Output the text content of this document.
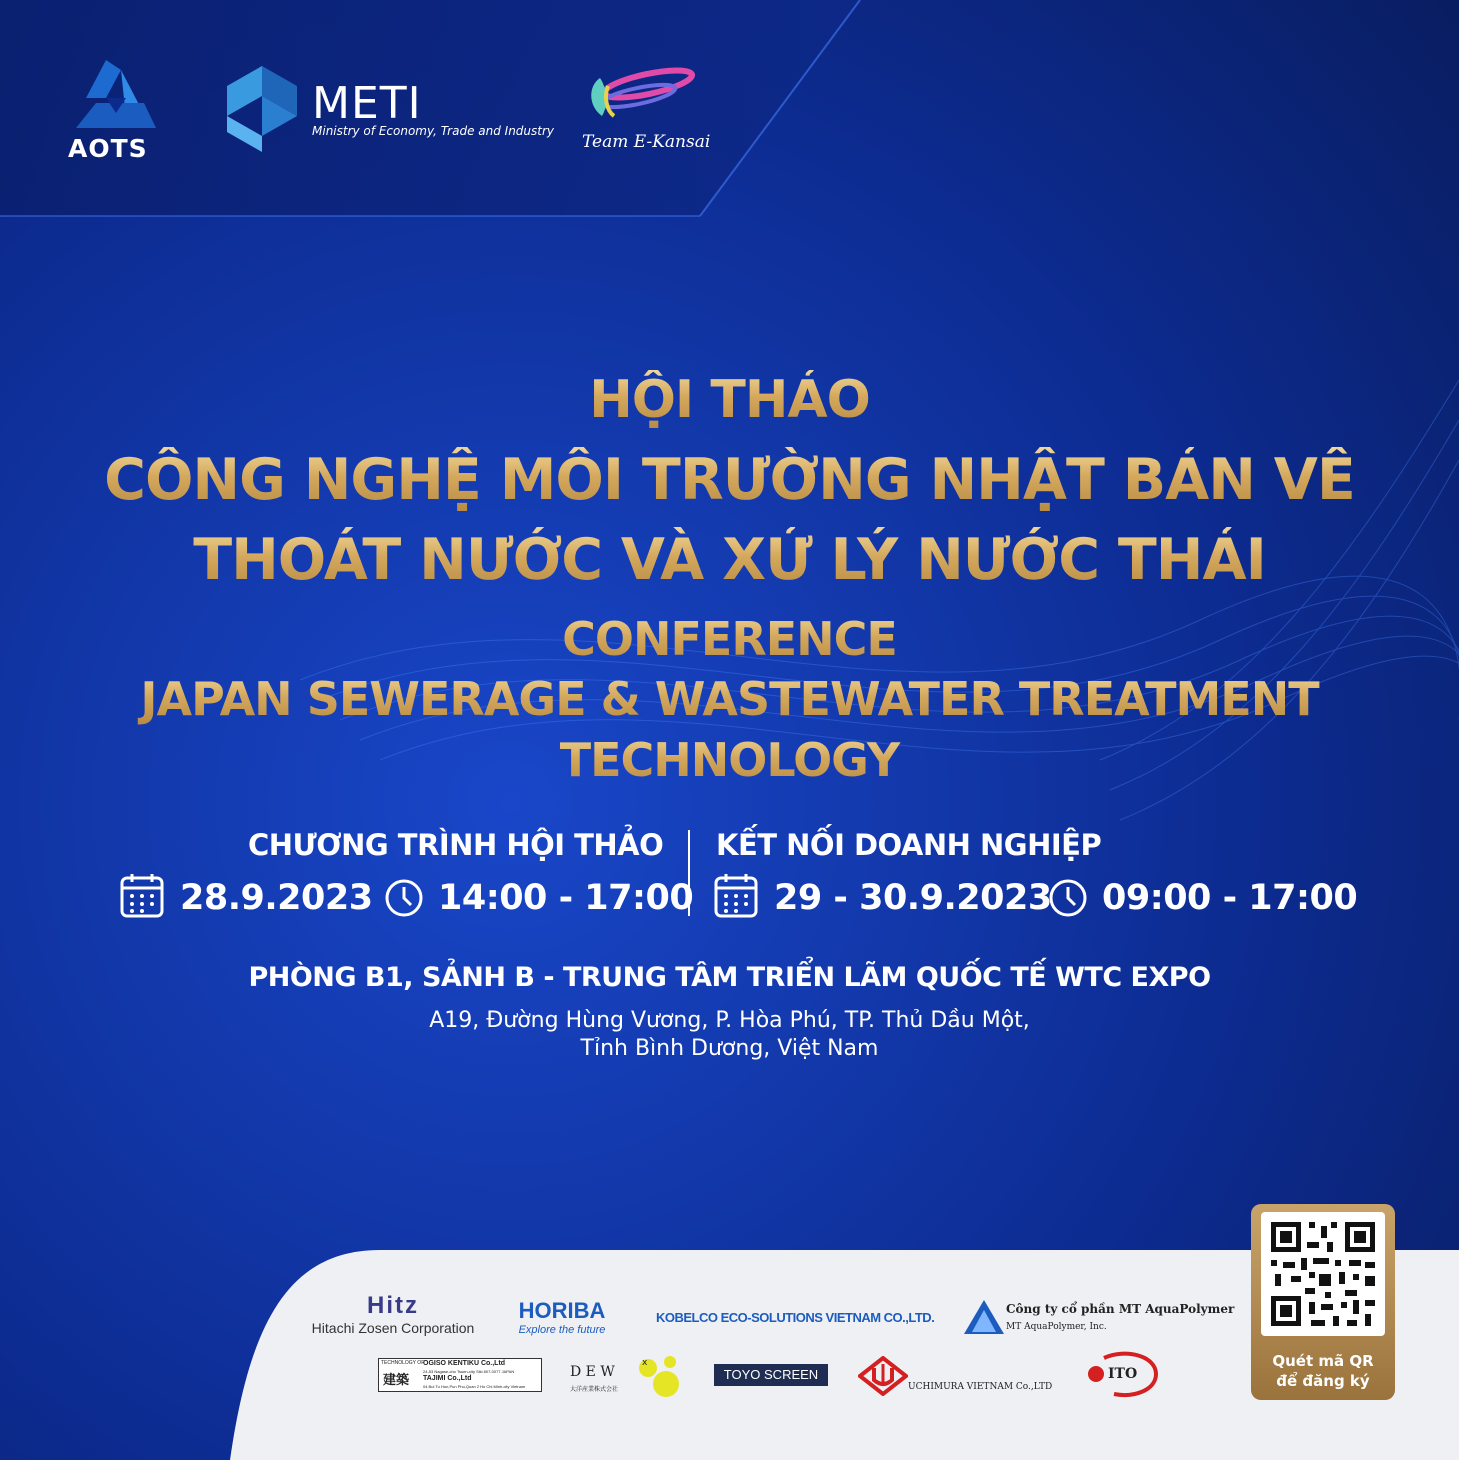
AOTS
METI
Ministry of Economy, Trade and Industry
Team E-Kansai
HỘI THẢO
CÔNG NGHỆ MÔI TRƯỜNG NHẬT BẢN VỀ
THOÁT NƯỚC VÀ XỬ LÝ NƯỚC THẢI
CONFERENCE
JAPAN SEWERAGE & WASTEWATER TREATMENT
TECHNOLOGY
CHƯƠNG TRÌNH HỘI THẢO KẾT NỐI DOANH NGHIỆP
28.9.2023 14:00 - 17:00 29 - 30.9.2023 09:00 - 17:00
PHÒNG B1, SẢNH B - TRUNG TÂM TRIỂN LÃM QUỐC TẾ WTC EXPO
A19, Đường Hùng Vương, P. Hòa Phú, TP. Thủ Dầu Một,
Tỉnh Bình Dương, Việt Nam
Hitz
Hitachi Zosen Corporation
HORIBA
Explore the future
KOBELCO ECO-SOLUTIONS VIETNAM CO.,LTD.
Công ty cổ phần MT AquaPolymer
MT AquaPolymer, Inc.
TECHNOLOGY OF
建築
OGISO KENTIKU Co.,Ltd
24-53 Nagase-cho Tsuen-city Siki 807-0077 JAPAN
TAJIMI Co.,Ltd
04 Bui Tu Hon,Pun Phu,Quan 2 Ho Chi Minh-city Vietnam
D E W
x
大洋産業株式会社
TOYO SCREEN
UCHIMURA VIETNAM Co.,LTD
ITO
Quét mã QR
để đăng ký
